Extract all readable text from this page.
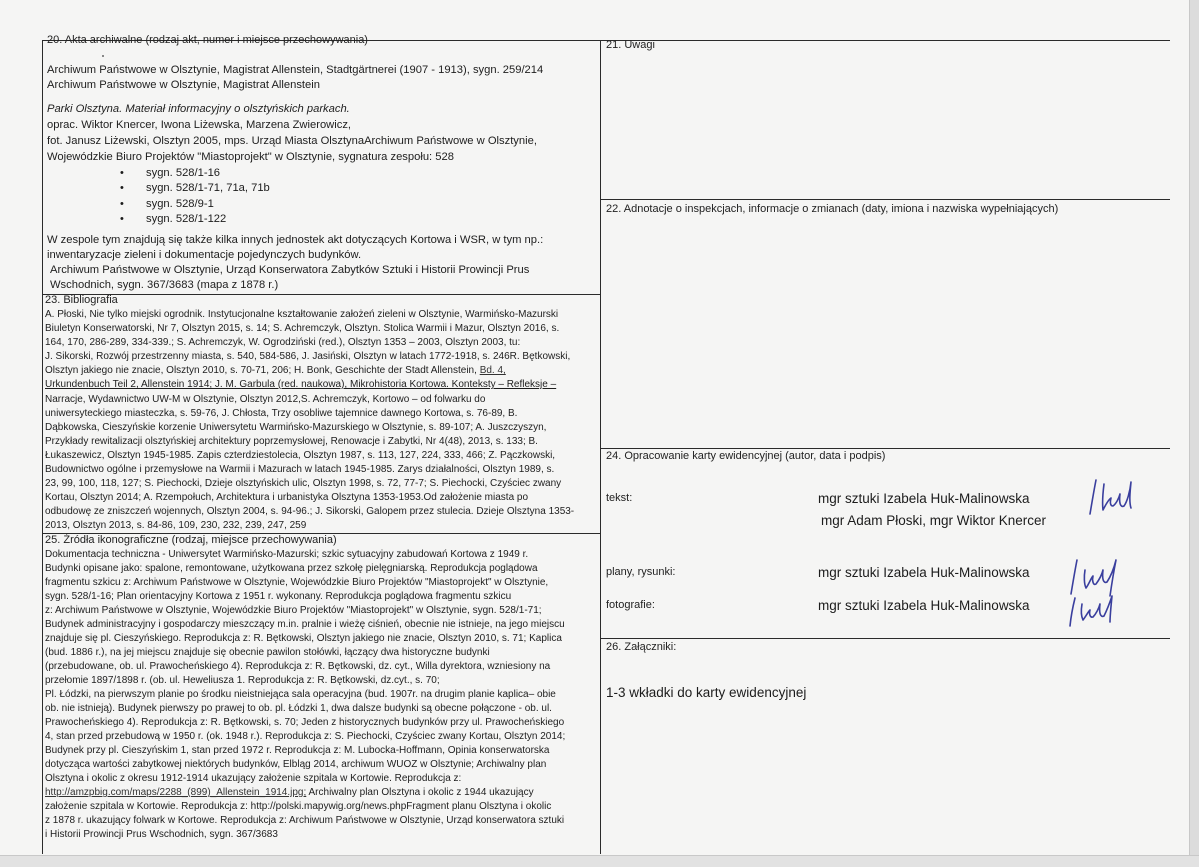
20. Akta archiwalne (rodzaj akt, numer i miejsce przechowywania)
Archiwum Państwowe w Olsztynie, Magistrat Allenstein, Stadtgärtnerei (1907 - 1913), sygn. 259/214
Archiwum Państwowe w Olsztynie, Magistrat Allenstein
Parki Olsztyna. Materiał informacyjny o olsztyńskich parkach.
oprac. Wiktor Knercer, Iwona Liżewska, Marzena Zwierowicz,
fot. Janusz Liżewski, Olsztyn 2005, mps. Urząd Miasta OlsztynaArchiwum Państwowe w Olsztynie,
Wojewódzkie Biuro Projektów "Miastoprojekt" w Olsztynie, sygnatura zespołu: 528
• sygn. 528/1-16
• sygn. 528/1-71, 71a, 71b
• sygn. 528/9-1
• sygn. 528/1-122
W zespole tym znajdują się także kilka innych jednostek akt dotyczących Kortowa i WSR, w tym np.:
inwentaryzacje zieleni i dokumentacje pojedynczych budynków.
Archiwum Państwowe w Olsztynie, Urząd Konserwatora Zabytków Sztuki i Historii Prowincji Prus
Wschodnich, sygn. 367/3683 (mapa z 1878 r.)
23. Bibliografia
A. Płoski, Nie tylko miejski ogrodnik. Instytucjonalne kształtowanie założeń zieleni w Olsztynie, Warmińsko-Mazurski
Biuletyn Konserwatorski, Nr 7, Olsztyn 2015, s. 14; S. Achremczyk, Olsztyn. Stolica Warmii i Mazur, Olsztyn 2016, s.
164, 170, 286-289, 334-339.; S. Achremczyk, W. Ogrodziński (red.), Olsztyn 1353 – 2003, Olsztyn 2003, tu:
J. Sikorski, Rozwój przestrzenny miasta, s. 540, 584-586, J. Jasiński, Olsztyn w latach 1772-1918, s. 246R. Bętkowski,
Olsztyn jakiego nie znacie, Olsztyn 2010, s. 70-71, 206; H. Bonk, Geschichte der Stadt Allenstein, Bd. 4,
Urkundenbuch Teil 2, Allenstein 1914; J. M. Garbula (red. naukowa), Mikrohistoria Kortowa. Konteksty – Refleksje –
Narracje, Wydawnictwo UW-M w Olsztynie, Olsztyn 2012,S. Achremczyk, Kortowo – od folwarku do
uniwersyteckiego miasteczka, s. 59-76, J. Chłosta, Trzy osobliwe tajemnice dawnego Kortowa, s. 76-89, B.
Dąbkowska, Cieszyńskie korzenie Uniwersytetu Warmińsko-Mazurskiego w Olsztynie, s. 89-107; A. Juszczyszyn,
Przykłady rewitalizacji olsztyńskiej architektury poprzemysłowej, Renowacje i Zabytki, Nr 4(48), 2013, s. 133; B.
Łukaszewicz, Olsztyn 1945-1985. Zapis czterdziestolecia, Olsztyn 1987, s. 113, 127, 224, 333, 466; Z. Pączkowski,
Budownictwo ogólne i przemysłowe na Warmii i Mazurach w latach 1945-1985. Zarys działalności, Olsztyn 1989, s.
23, 99, 100, 118, 127; S. Piechocki, Dzieje olsztyńskich ulic, Olsztyn 1998, s. 72, 77-7; S. Piechocki, Czyściec zwany
Kortau, Olsztyn 2014; A. Rzempołuch, Architektura i urbanistyka Olsztyna 1353-1953.Od założenie miasta po
odbudowę ze zniszczeń wojennych, Olsztyn 2004, s. 94-96.; J. Sikorski, Galopem przez stulecia. Dzieje Olsztyna 1353-
2013, Olsztyn 2013, s. 84-86, 109, 230, 232, 239, 247, 259
25. Źródła ikonograficzne (rodzaj, miejsce przechowywania)
Dokumentacja techniczna - Uniwersytet Warmińsko-Mazurski; szkic sytuacyjny zabudowań Kortowa z 1949 r.
Budynki opisane jako: spalone, remontowane, użytkowana przez szkołę pielęgniarską. Reprodukcja poglądowa
fragmentu szkicu z: Archiwum Państwowe w Olsztynie, Wojewódzkie Biuro Projektów "Miastoprojekt" w Olsztynie,
sygn. 528/1-16; Plan orientacyjny Kortowa z 1951 r. wykonany. Reprodukcja poglądowa fragmentu szkicu
z: Archiwum Państwowe w Olsztynie, Wojewódzkie Biuro Projektów "Miastoprojekt" w Olsztynie, sygn. 528/1-71;
Budynek administracyjny i gospodarczy mieszczący m.in. pralnie i wieżę ciśnień, obecnie nie istnieje, na jego miejscu
znajduje się pl. Cieszyńskiego. Reprodukcja z: R. Bętkowski, Olsztyn jakiego nie znacie, Olsztyn 2010, s. 71; Kaplica
(bud. 1886 r.), na jej miejscu znajduje się obecnie pawilon stołówki, łączący dwa historyczne budynki
(przebudowane, ob. ul. Prawocheńskiego 4). Reprodukcja z: R. Bętkowski, dz. cyt., Willa dyrektora, wzniesiony na
przełomie 1897/1898 r. (ob. ul. Heweliusza 1. Reprodukcja z: R. Bętkowski, dz.cyt., s. 70;
Pl. Łódzki, na pierwszym planie po środku nieistniejąca sala operacyjna (bud. 1907r. na drugim planie kaplica– obie
ob. nie istnieją). Budynek pierwszy po prawej to ob. pl. Łódzki 1, dwa dalsze budynki są obecne połączone - ob. ul.
Prawocheńskiego 4). Reprodukcja z: R. Bętkowski, s. 70; Jeden z historycznych budynków przy ul. Prawocheńskiego
4, stan przed przebudową w 1950 r. (ok. 1948 r.). Reprodukcja z: S. Piechocki, Czyściec zwany Kortau, Olsztyn 2014;
Budynek przy pl. Cieszyńskim 1, stan przed 1972 r. Reprodukcja z: M. Lubocka-Hoffmann, Opinia konserwatorska
dotycząca wartości zabytkowej niektórych budynków, Elbląg 2014, archiwum WUOZ w Olsztynie; Archiwalny plan
Olsztyna i okolic z okresu 1912-1914 ukazujący założenie szpitala w Kortowie. Reprodukcja z:
http://amzpbig.com/maps/2288_(899)_Allenstein_1914.jpg; Archiwalny plan Olsztyna i okolic z 1944 ukazujący
założenie szpitala w Kortowie. Reprodukcja z: http://polski.mapywig.org/news.phpFragment planu Olsztyna i okolic
z 1878 r. ukazujący folwark w Kortowe. Reprodukcja z: Archiwum Państwowe w Olsztynie, Urząd konserwatora sztuki
i Historii Prowincji Prus Wschodnich, sygn. 367/3683
21. Uwagi
22. Adnotacje o inspekcjach, informacje o zmianach (daty, imiona i nazwiska wypełniających)
24. Opracowanie karty ewidencyjnej (autor, data i podpis)
tekst:	mgr sztuki Izabela Huk-Malinowska
mgr Adam Płoski, mgr Wiktor Knercer
plany, rysunki:	mgr sztuki Izabela Huk-Malinowska
fotografie:	mgr sztuki Izabela Huk-Malinowska
26. Załączniki:
1-3 wkładki do karty ewidencyjnej
